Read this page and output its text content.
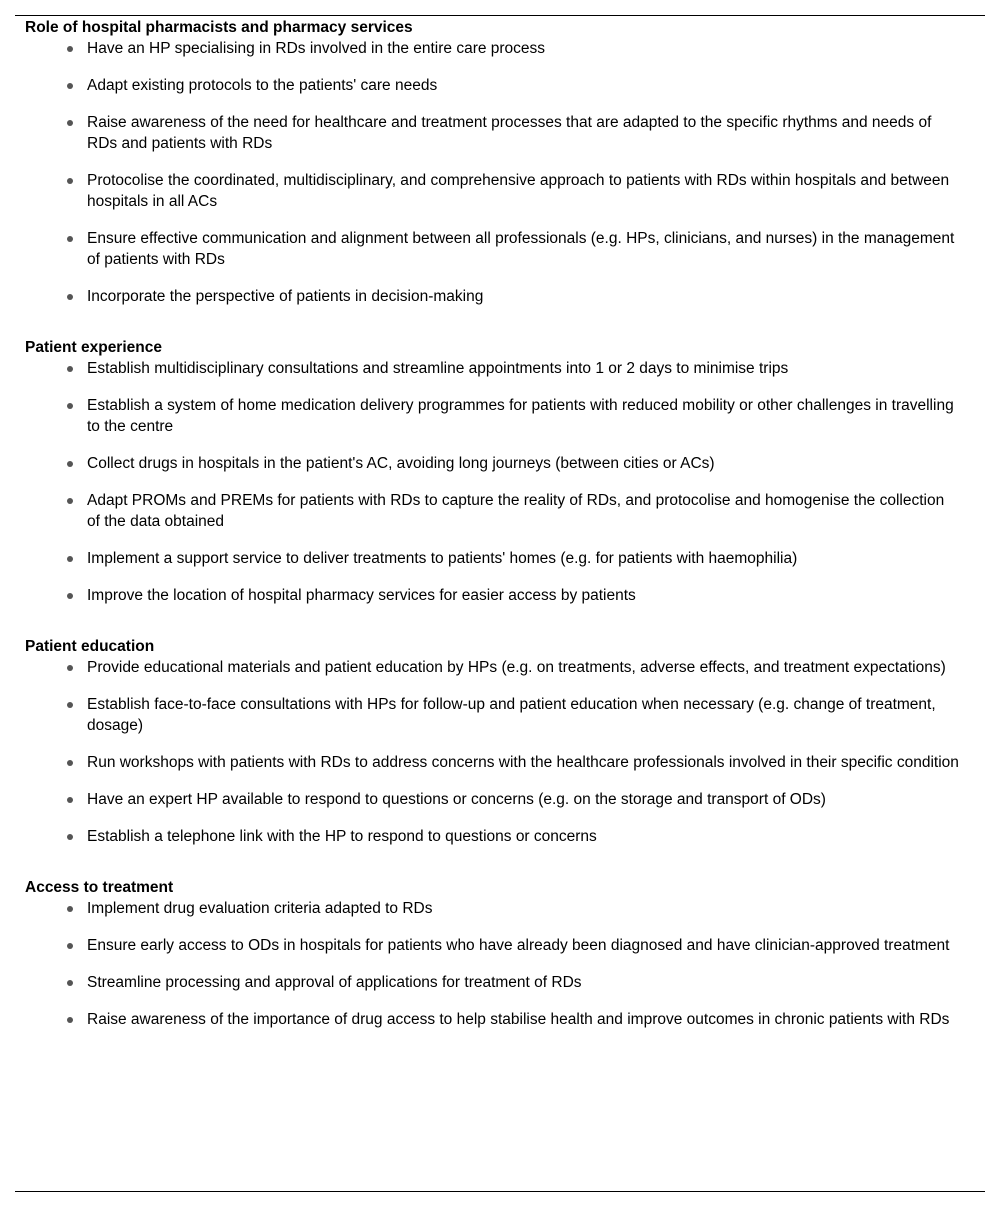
Role of hospital pharmacists and pharmacy services
Have an HP specialising in RDs involved in the entire care process
Adapt existing protocols to the patients' care needs
Raise awareness of the need for healthcare and treatment processes that are adapted to the specific rhythms and needs of RDs and patients with RDs
Protocolise the coordinated, multidisciplinary, and comprehensive approach to patients with RDs within hospitals and between hospitals in all ACs
Ensure effective communication and alignment between all professionals (e.g. HPs, clinicians, and nurses) in the management of patients with RDs
Incorporate the perspective of patients in decision-making
Patient experience
Establish multidisciplinary consultations and streamline appointments into 1 or 2 days to minimise trips
Establish a system of home medication delivery programmes for patients with reduced mobility or other challenges in travelling to the centre
Collect drugs in hospitals in the patient's AC, avoiding long journeys (between cities or ACs)
Adapt PROMs and PREMs for patients with RDs to capture the reality of RDs, and protocolise and homogenise the collection of the data obtained
Implement a support service to deliver treatments to patients' homes (e.g. for patients with haemophilia)
Improve the location of hospital pharmacy services for easier access by patients
Patient education
Provide educational materials and patient education by HPs (e.g. on treatments, adverse effects, and treatment expectations)
Establish face-to-face consultations with HPs for follow-up and patient education when necessary (e.g. change of treatment, dosage)
Run workshops with patients with RDs to address concerns with the healthcare professionals involved in their specific condition
Have an expert HP available to respond to questions or concerns (e.g. on the storage and transport of ODs)
Establish a telephone link with the HP to respond to questions or concerns
Access to treatment
Implement drug evaluation criteria adapted to RDs
Ensure early access to ODs in hospitals for patients who have already been diagnosed and have clinician-approved treatment
Streamline processing and approval of applications for treatment of RDs
Raise awareness of the importance of drug access to help stabilise health and improve outcomes in chronic patients with RDs
